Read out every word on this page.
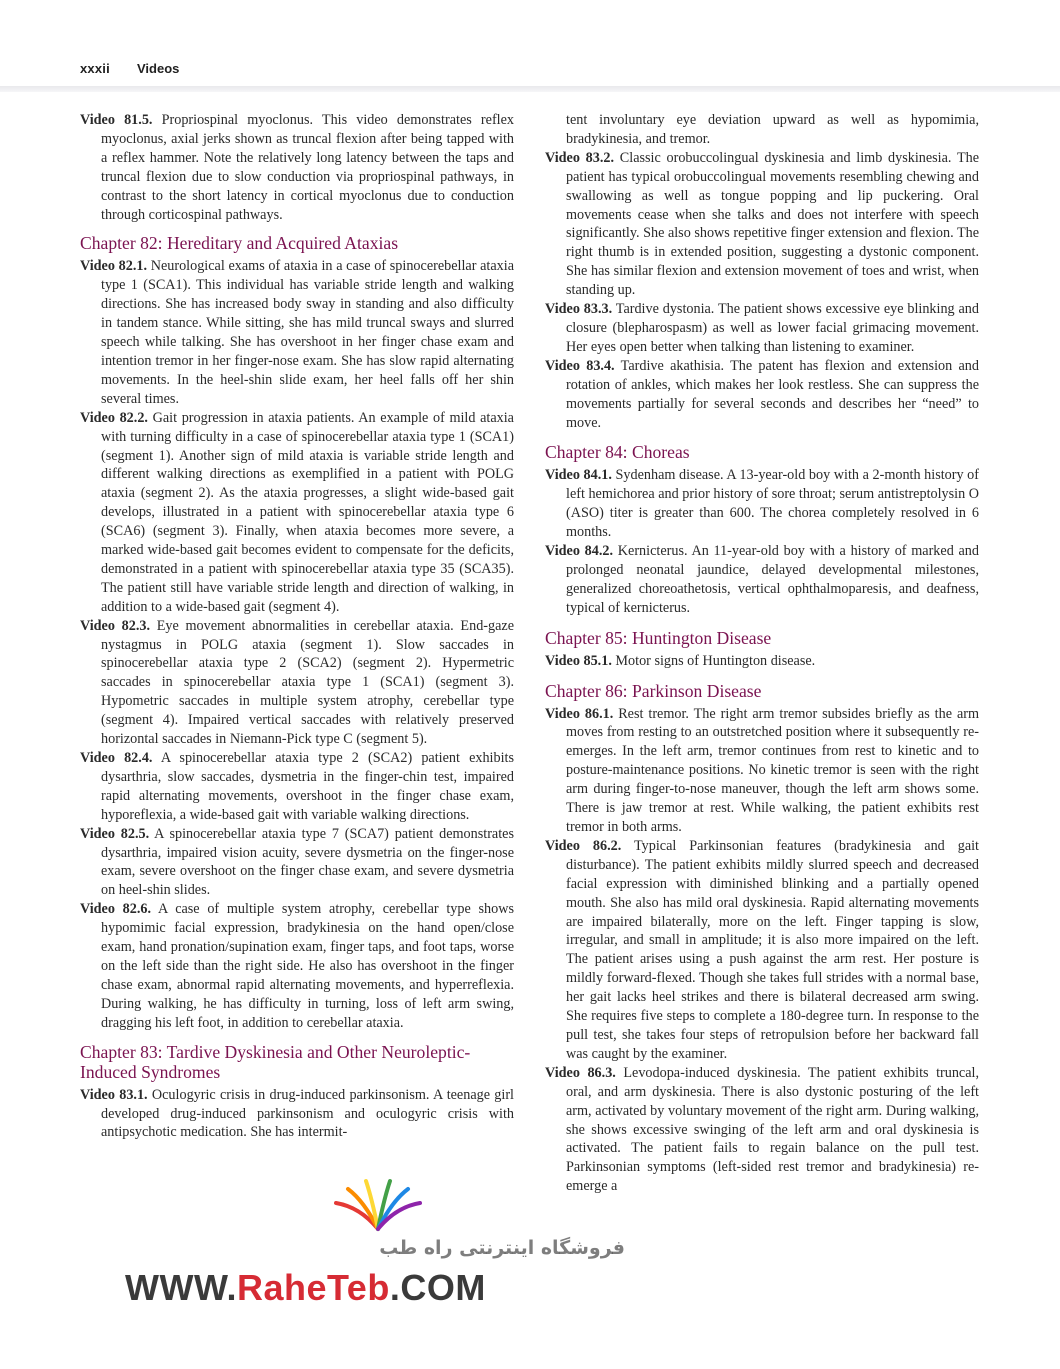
xxxii Videos

Video 81.5. Propriospinal myoclonus. This video demonstrates reflex myoclonus, axial jerks shown as truncal flexion after being tapped with a reflex hammer. Note the relatively long latency between the taps and truncal flexion due to slow conduction via propriospinal pathways, in contrast to the short latency in cortical myoclonus due to conduction through corticospinal pathways.

Chapter 82: Hereditary and Acquired Ataxias

Video 82.1. Neurological exams of ataxia in a case of spinocerebellar ataxia type 1 (SCA1). This individual has variable stride length and walking directions. She has increased body sway in standing and also difficulty in tandem stance. While sitting, she has mild truncal sways and slurred speech while talking. She has overshoot in her finger chase exam and intention tremor in her finger-nose exam. She has slow rapid alternating movements. In the heel-shin slide exam, her heel falls off her shin several times.

Video 82.2. Gait progression in ataxia patients. An example of mild ataxia with turning difficulty in a case of spinocerebellar ataxia type 1 (SCA1) (segment 1). Another sign of mild ataxia is variable stride length and different walking directions as exemplified in a patient with POLG ataxia (segment 2). As the ataxia progresses, a slight wide-based gait develops, illustrated in a patient with spinocerebellar ataxia type 6 (SCA6) (segment 3). Finally, when ataxia becomes more severe, a marked wide-based gait becomes evident to compensate for the deficits, demonstrated in a patient with spinocerebellar ataxia type 35 (SCA35). The patient still have variable stride length and direction of walking, in addition to a wide-based gait (segment 4).

Video 82.3. Eye movement abnormalities in cerebellar ataxia. End-gaze nystagmus in POLG ataxia (segment 1). Slow saccades in spinocerebellar ataxia type 2 (SCA2) (segment 2). Hypermetric saccades in spinocerebellar ataxia type 1 (SCA1) (segment 3). Hypometric saccades in multiple system atrophy, cerebellar type (segment 4). Impaired vertical saccades with relatively preserved horizontal saccades in Niemann-Pick type C (segment 5).

Video 82.4. A spinocerebellar ataxia type 2 (SCA2) patient exhibits dysarthria, slow saccades, dysmetria in the finger-chin test, impaired rapid alternating movements, overshoot in the finger chase exam, hyporeflexia, a wide-based gait with variable walking directions.

Video 82.5. A spinocerebellar ataxia type 7 (SCA7) patient demonstrates dysarthria, impaired vision acuity, severe dysmetria on the finger-nose exam, severe overshoot on the finger chase exam, and severe dysmetria on heel-shin slides.

Video 82.6. A case of multiple system atrophy, cerebellar type shows hypomimic facial expression, bradykinesia on the hand open/close exam, hand pronation/supination exam, finger taps, and foot taps, worse on the left side than the right side. He also has overshoot in the finger chase exam, abnormal rapid alternating movements, and hyperreflexia. During walking, he has difficulty in turning, loss of left arm swing, dragging his left foot, in addition to cerebellar ataxia.

Chapter 83: Tardive Dyskinesia and Other Neuroleptic-Induced Syndromes

Video 83.1. Oculogyric crisis in drug-induced parkinsonism. A teenage girl developed drug-induced parkinsonism and oculogyric crisis with antipsychotic medication. She has intermit-

tent involuntary eye deviation upward as well as hypomimia, bradykinesia, and tremor.

Video 83.2. Classic orobuccolingual dyskinesia and limb dyskinesia. The patient has typical orobuccolingual movements resembling chewing and swallowing as well as tongue popping and lip puckering. Oral movements cease when she talks and does not interfere with speech significantly. She also shows repetitive finger extension and flexion. The right thumb is in extended position, suggesting a dystonic component. She has similar flexion and extension movement of toes and wrist, when standing up.

Video 83.3. Tardive dystonia. The patient shows excessive eye blinking and closure (blepharospasm) as well as lower facial grimacing movement. Her eyes open better when talking than listening to examiner.

Video 83.4. Tardive akathisia. The patent has flexion and extension and rotation of ankles, which makes her look restless. She can suppress the movements partially for several seconds and describes her “need” to move.

Chapter 84: Choreas

Video 84.1. Sydenham disease. A 13-year-old boy with a 2-month history of left hemichorea and prior history of sore throat; serum antistreptolysin O (ASO) titer is greater than 600. The chorea completely resolved in 6 months.

Video 84.2. Kernicterus. An 11-year-old boy with a history of marked and prolonged neonatal jaundice, delayed developmental milestones, generalized choreoathetosis, vertical ophthalmoparesis, and deafness, typical of kernicterus.

Chapter 85: Huntington Disease

Video 85.1. Motor signs of Huntington disease.

Chapter 86: Parkinson Disease

Video 86.1. Rest tremor. The right arm tremor subsides briefly as the arm moves from resting to an outstretched position where it subsequently re-emerges. In the left arm, tremor continues from rest to kinetic and to posture-maintenance positions. No kinetic tremor is seen with the right arm during finger-to-nose maneuver, though the left arm shows some. There is jaw tremor at rest. While walking, the patient exhibits rest tremor in both arms.

Video 86.2. Typical Parkinsonian features (bradykinesia and gait disturbance). The patient exhibits mildly slurred speech and decreased facial expression with diminished blinking and a partially opened mouth. She also has mild oral dyskinesia. Rapid alternating movements are impaired bilaterally, more on the left. Finger tapping is slow, irregular, and small in amplitude; it is also more impaired on the left. The patient arises using a push against the arm rest. Her posture is mildly forward-flexed. Though she takes full strides with a normal base, her gait lacks heel strikes and there is bilateral decreased arm swing. She requires five steps to complete a 180-degree turn. In response to the pull test, she takes four steps of retropulsion before her backward fall was caught by the examiner.

Video 86.3. Levodopa-induced dyskinesia. The patient exhibits truncal, oral, and arm dyskinesia. There is also dystonic posturing of the left arm, activated by voluntary movement of the right arm. During walking, she shows excessive swinging of the left arm and oral dyskinesia is activated. The patient fails to regain balance on the pull test. Parkinsonian symptoms (left-sided rest tremor and bradykinesia) re-emerge a

فروشگاه اینترنتی راه طب
WWW.RaheTeb.COM
